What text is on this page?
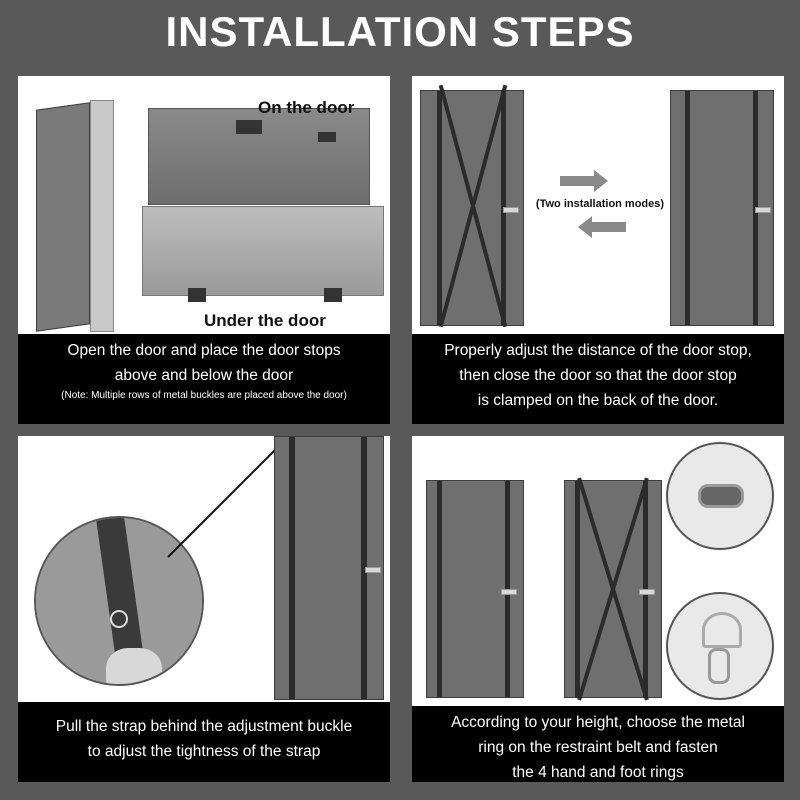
INSTALLATION STEPS
On the door
Under the door
Open the door and place the door stops
above and below the door
(Note: Multiple rows of metal buckles are placed above the door)
(Two installation modes)
Properly adjust the distance of the door stop,
then close the door so that the door stop
is clamped on the back of the door.
Pull the strap behind the adjustment buckle
to adjust the tightness of the strap
According to your height, choose the metal
ring on the restraint belt and fasten
the 4 hand and foot rings
